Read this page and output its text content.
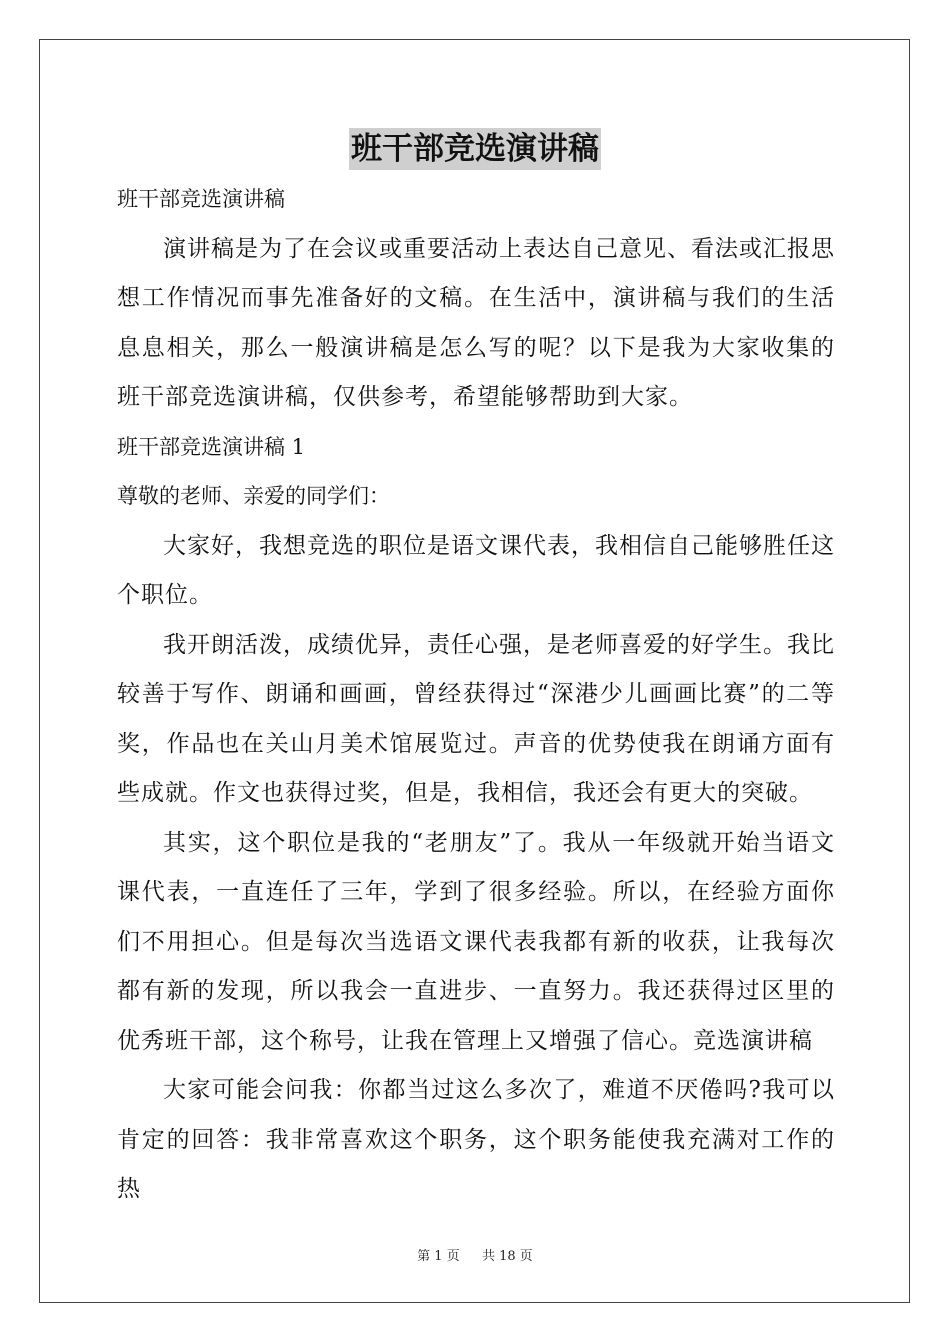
班干部竞选演讲稿
班干部竞选演讲稿
演讲稿是为了在会议或重要活动上表达自己意见、看法或汇报思想工作情况而事先准备好的文稿。在生活中，演讲稿与我们的生活息息相关，那么一般演讲稿是怎么写的呢？以下是我为大家收集的班干部竞选演讲稿，仅供参考，希望能够帮助到大家。
班干部竞选演讲稿 1
尊敬的老师、亲爱的同学们：
大家好，我想竞选的职位是语文课代表，我相信自己能够胜任这个职位。
我开朗活泼，成绩优异，责任心强，是老师喜爱的好学生。我比较善于写作、朗诵和画画，曾经获得过“深港少儿画画比赛”的二等奖，作品也在关山月美术馆展览过。声音的优势使我在朗诵方面有些成就。作文也获得过奖，但是，我相信，我还会有更大的突破。
其实，这个职位是我的“老朋友”了。我从一年级就开始当语文课代表，一直连任了三年，学到了很多经验。所以，在经验方面你们不用担心。但是每次当选语文课代表我都有新的收获，让我每次都有新的发现，所以我会一直进步、一直努力。我还获得过区里的优秀班干部，这个称号，让我在管理上又增强了信心。竞选演讲稿
大家可能会问我：你都当过这么多次了，难道不厌倦吗?我可以肯定的回答：我非常喜欢这个职务，这个职务能使我充满对工作的热
第 1 页 共 18 页
